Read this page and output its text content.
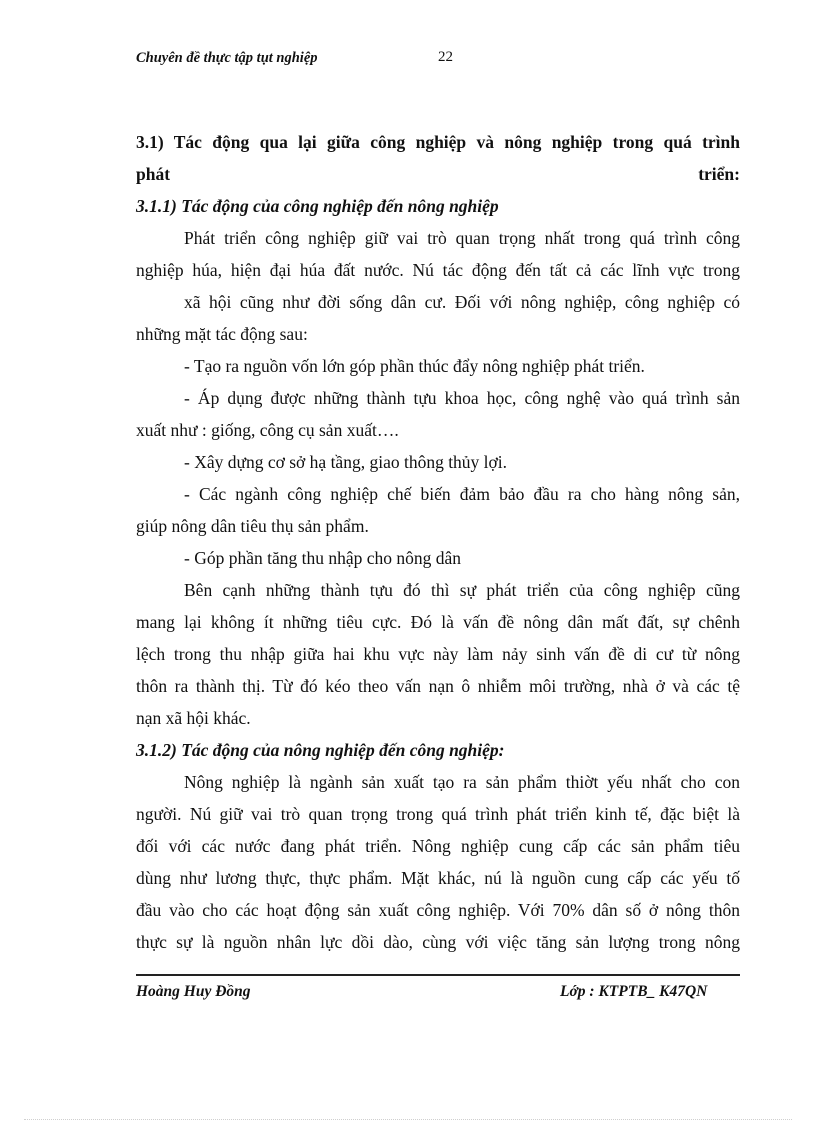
Chuyên đề thực tập tụt nghiệp	22

3.1) Tác động qua lại giữa công nghiệp và nông nghiệp trong quá trình

phát	triển:

3.1.1) Tác động của công nghiệp đến nông nghiệp

Phát triển công nghiệp giữ vai trò quan trọng nhất trong quá trình công
nghiệp húa, hiện đại húa đất nước. Nú tác động đến tất cả các lĩnh vực trong
xã hội cũng như đời sống dân cư. Đối với nông nghiệp, công nghiệp có
những mặt tác động sau:

- Tạo ra nguồn vốn lớn góp phần thúc đẩy nông nghiệp phát triển.

- Áp dụng được những thành tựu khoa học, công nghệ vào quá trình sản
xuất như : giống, công cụ sản xuất….

- Xây dựng cơ sở hạ tầng, giao thông thủy lợi.

- Các ngành công nghiệp chế biến đảm bảo đầu ra cho hàng nông sản,
giúp nông dân tiêu thụ sản phẩm.

- Góp phần tăng thu nhập cho nông dân

Bên cạnh những thành tựu đó thì sự phát triển của công nghiệp cũng
mang lại không ít những tiêu cực. Đó là vấn đề nông dân mất đất, sự chênh
lệch trong thu nhập giữa hai khu vực này làm nảy sinh vấn đề di cư từ nông
thôn ra thành thị. Từ đó kéo theo vấn nạn ô nhiễm môi trường, nhà ở và các tệ
nạn xã hội khác.

3.1.2) Tác động của nông nghiệp đến công nghiệp:

Nông nghiệp là ngành sản xuất tạo ra sản phẩm thiờt yếu nhất cho con
người. Nú giữ vai trò quan trọng trong quá trình phát triển kinh tế, đặc biệt là
đối với các nước đang phát triển. Nông nghiệp cung cấp các sản phẩm tiêu
dùng như lương thực, thực phẩm. Mặt khác, nú là nguồn cung cấp các yếu tố
đầu vào cho các hoạt động sản xuất công nghiệp. Với 70% dân số ở nông thôn
thực sự là nguồn nhân lực dồi dào, cùng với việc tăng sản lượng trong nông

Hoàng Huy Đồng	Lớp : KTPTB_ K47QN
